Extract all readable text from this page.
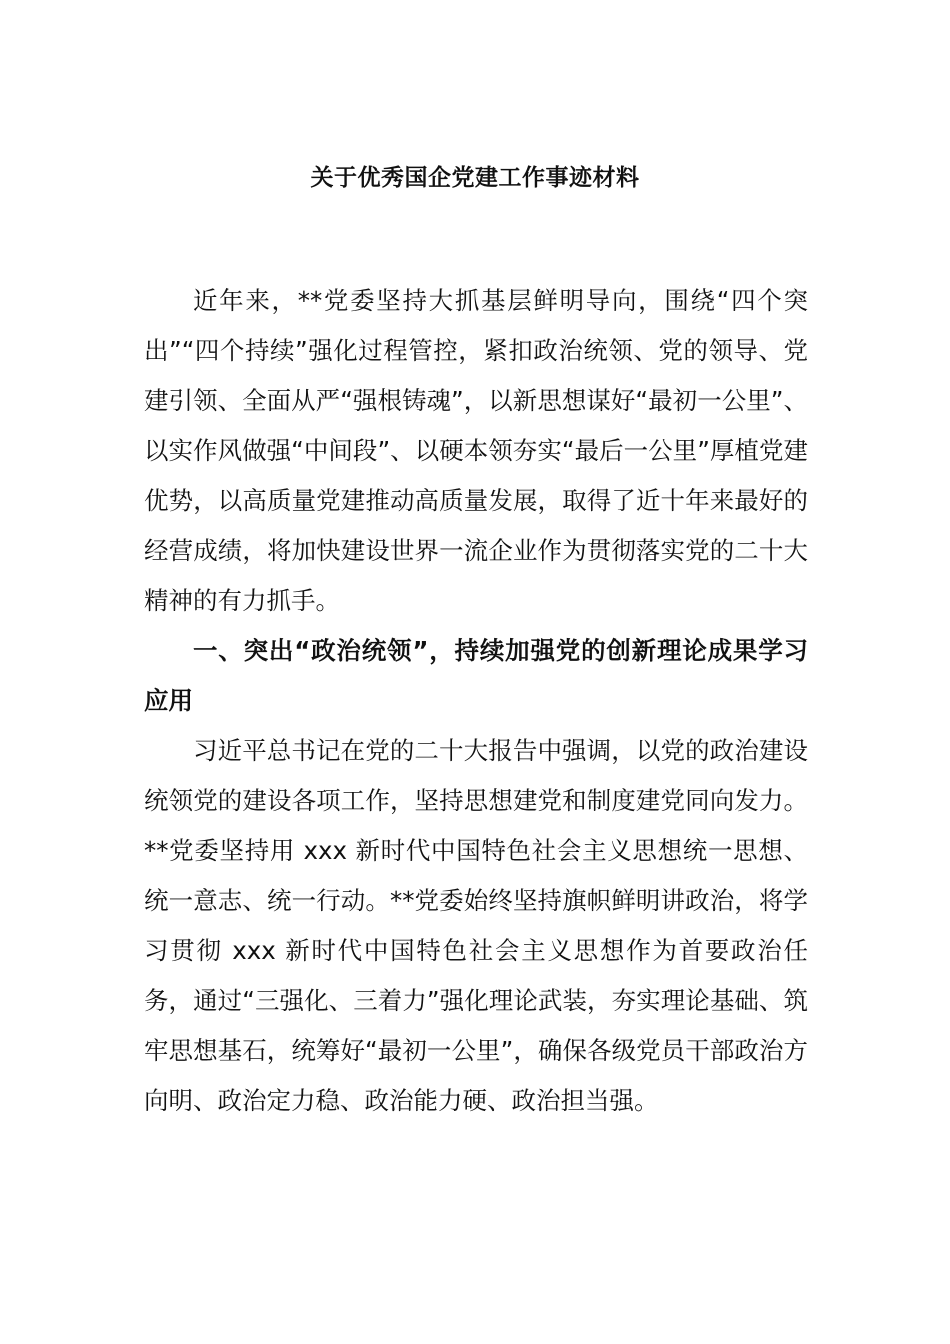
关于优秀国企党建工作事迹材料

近年来，**党委坚持大抓基层鲜明导向，围绕“四个突出”“四个持续”强化过程管控，紧扣政治统领、党的领导、党建引领、全面从严“强根铸魂”，以新思想谋好“最初一公里”、以实作风做强“中间段”、以硬本领夯实“最后一公里”厚植党建优势，以高质量党建推动高质量发展，取得了近十年来最好的经营成绩，将加快建设世界一流企业作为贯彻落实党的二十大精神的有力抓手。

一、突出“政治统领”，持续加强党的创新理论成果学习应用

习近平总书记在党的二十大报告中强调，以党的政治建设统领党的建设各项工作，坚持思想建党和制度建党同向发力。**党委坚持用 xxx 新时代中国特色社会主义思想统一思想、统一意志、统一行动。**党委始终坚持旗帜鲜明讲政治，将学习贯彻 xxx 新时代中国特色社会主义思想作为首要政治任务，通过“三强化、三着力”强化理论武装，夯实理论基础、筑牢思想基石，统筹好“最初一公里”，确保各级党员干部政治方向明、政治定力稳、政治能力硬、政治担当强。
